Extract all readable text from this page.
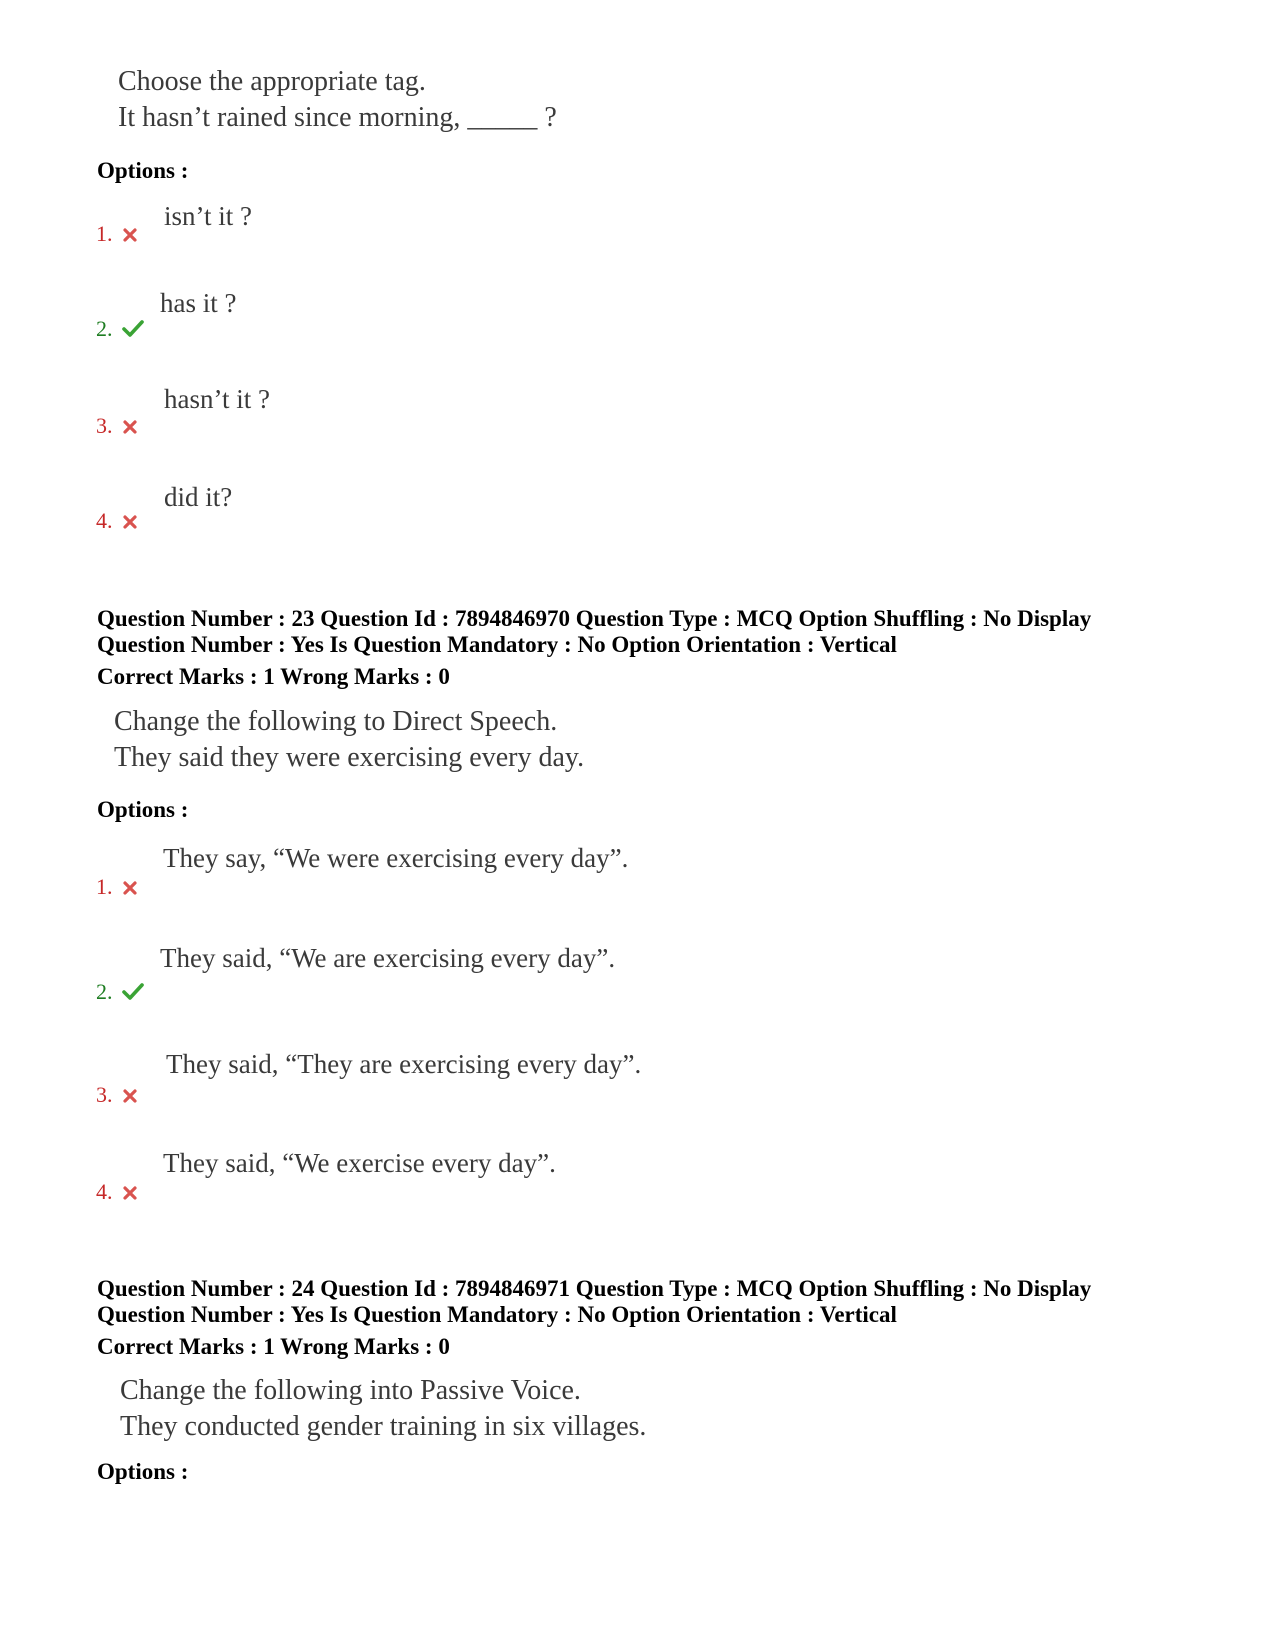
Choose the appropriate tag.
It hasn’t rained since morning, _____ ?
Options :
1.
isn’t it ?
2.
has it ?
3.
hasn’t it ?
4.
did it?
Question Number : 23 Question Id : 7894846970 Question Type : MCQ Option Shuffling : No Display
Question Number : Yes Is Question Mandatory : No Option Orientation : Vertical
Correct Marks : 1 Wrong Marks : 0
Change the following to Direct Speech.
They said they were exercising every day.
Options :
1.
They say, “We were exercising every day”.
2.
They said, “We are exercising every day”.
3.
They said, “They are exercising every day”.
4.
They said, “We exercise every day”.
Question Number : 24 Question Id : 7894846971 Question Type : MCQ Option Shuffling : No Display
Question Number : Yes Is Question Mandatory : No Option Orientation : Vertical
Correct Marks : 1 Wrong Marks : 0
Change the following into Passive Voice.
They conducted gender training in six villages.
Options :
